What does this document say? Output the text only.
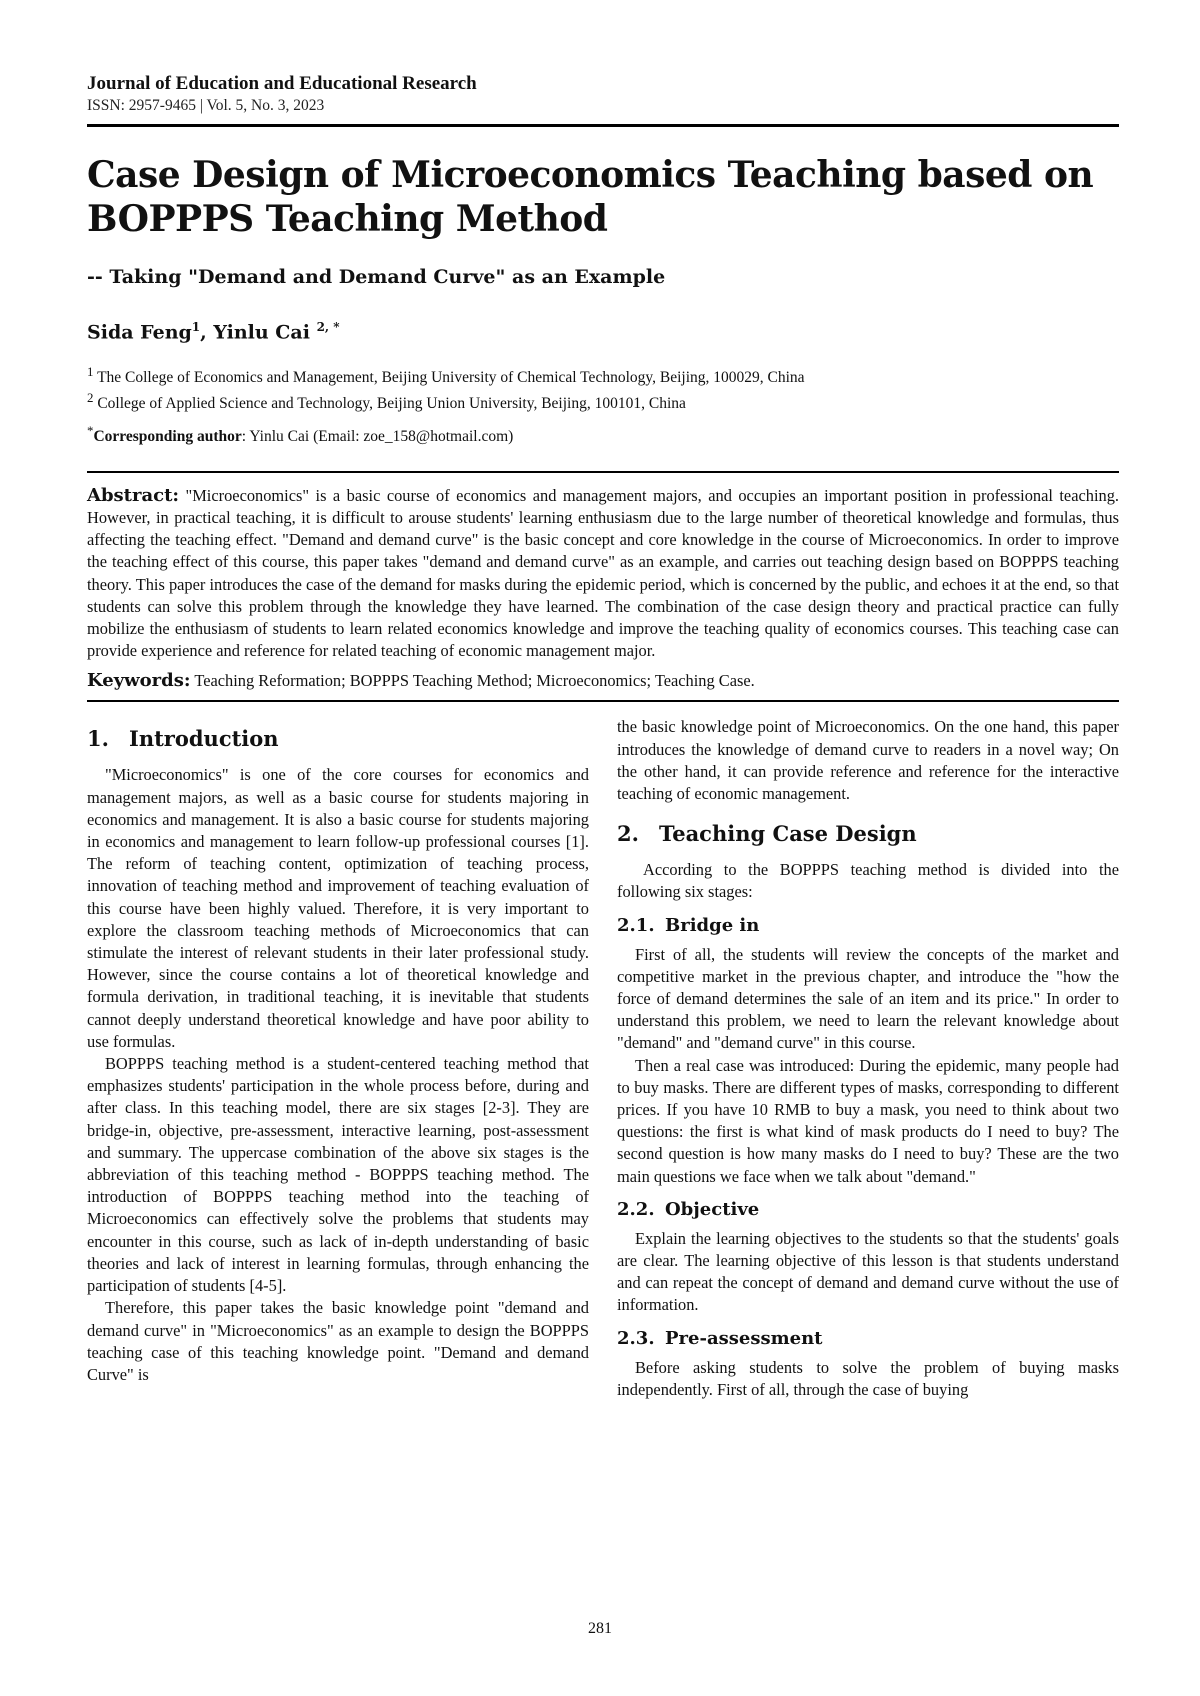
Journal of Education and Educational Research
ISSN: 2957-9465 | Vol. 5, No. 3, 2023
Case Design of Microeconomics Teaching based on BOPPPS Teaching Method
-- Taking "Demand and Demand Curve" as an Example
Sida Feng$^1$, Yinlu Cai $^{2, *}$
$^1$ The College of Economics and Management, Beijing University of Chemical Technology, Beijing, 100029, China
$^2$ College of Applied Science and Technology, Beijing Union University, Beijing, 100101, China
*Corresponding author: Yinlu Cai (Email: zoe_158@hotmail.com)
Abstract: "Microeconomics" is a basic course of economics and management majors, and occupies an important position in professional teaching. However, in practical teaching, it is difficult to arouse students' learning enthusiasm due to the large number of theoretical knowledge and formulas, thus affecting the teaching effect. "Demand and demand curve" is the basic concept and core knowledge in the course of Microeconomics. In order to improve the teaching effect of this course, this paper takes "demand and demand curve" as an example, and carries out teaching design based on BOPPPS teaching theory. This paper introduces the case of the demand for masks during the epidemic period, which is concerned by the public, and echoes it at the end, so that students can solve this problem through the knowledge they have learned. The combination of the case design theory and practical practice can fully mobilize the enthusiasm of students to learn related economics knowledge and improve the teaching quality of economics courses. This teaching case can provide experience and reference for related teaching of economic management major.
Keywords: Teaching Reformation; BOPPPS Teaching Method; Microeconomics; Teaching Case.
1. Introduction

"Microeconomics" is one of the core courses for economics and management majors, as well as a basic course for students majoring in economics and management. It is also a basic course for students majoring in economics and management to learn follow-up professional courses [1]. The reform of teaching content, optimization of teaching process, innovation of teaching method and improvement of teaching evaluation of this course have been highly valued. Therefore, it is very important to explore the classroom teaching methods of Microeconomics that can stimulate the interest of relevant students in their later professional study. However, since the course contains a lot of theoretical knowledge and formula derivation, in traditional teaching, it is inevitable that students cannot deeply understand theoretical knowledge and have poor ability to use formulas.

BOPPPS teaching method is a student-centered teaching method that emphasizes students' participation in the whole process before, during and after class. In this teaching model, there are six stages [2-3]. They are bridge-in, objective, pre-assessment, interactive learning, post-assessment and summary. The uppercase combination of the above six stages is the abbreviation of this teaching method - BOPPPS teaching method. The introduction of BOPPPS teaching method into the teaching of Microeconomics can effectively solve the problems that students may encounter in this course, such as lack of in-depth understanding of basic theories and lack of interest in learning formulas, through enhancing the participation of students [4-5].

Therefore, this paper takes the basic knowledge point "demand and demand curve" in "Microeconomics" as an example to design the BOPPPS teaching case of this teaching knowledge point. "Demand and demand Curve" is

the basic knowledge point of Microeconomics. On the one hand, this paper introduces the knowledge of demand curve to readers in a novel way; On the other hand, it can provide reference and reference for the interactive teaching of economic management.

2. Teaching Case Design

According to the BOPPPS teaching method is divided into the following six stages:

2.1. Bridge in

First of all, the students will review the concepts of the market and competitive market in the previous chapter, and introduce the "how the force of demand determines the sale of an item and its price." In order to understand this problem, we need to learn the relevant knowledge about "demand" and "demand curve" in this course.

Then a real case was introduced: During the epidemic, many people had to buy masks. There are different types of masks, corresponding to different prices. If you have 10 RMB to buy a mask, you need to think about two questions: the first is what kind of mask products do I need to buy? The second question is how many masks do I need to buy? These are the two main questions we face when we talk about "demand."

2.2. Objective

Explain the learning objectives to the students so that the students' goals are clear. The learning objective of this lesson is that students understand and can repeat the concept of demand and demand curve without the use of information.

2.3. Pre-assessment

Before asking students to solve the problem of buying masks independently. First of all, through the case of buying

281
